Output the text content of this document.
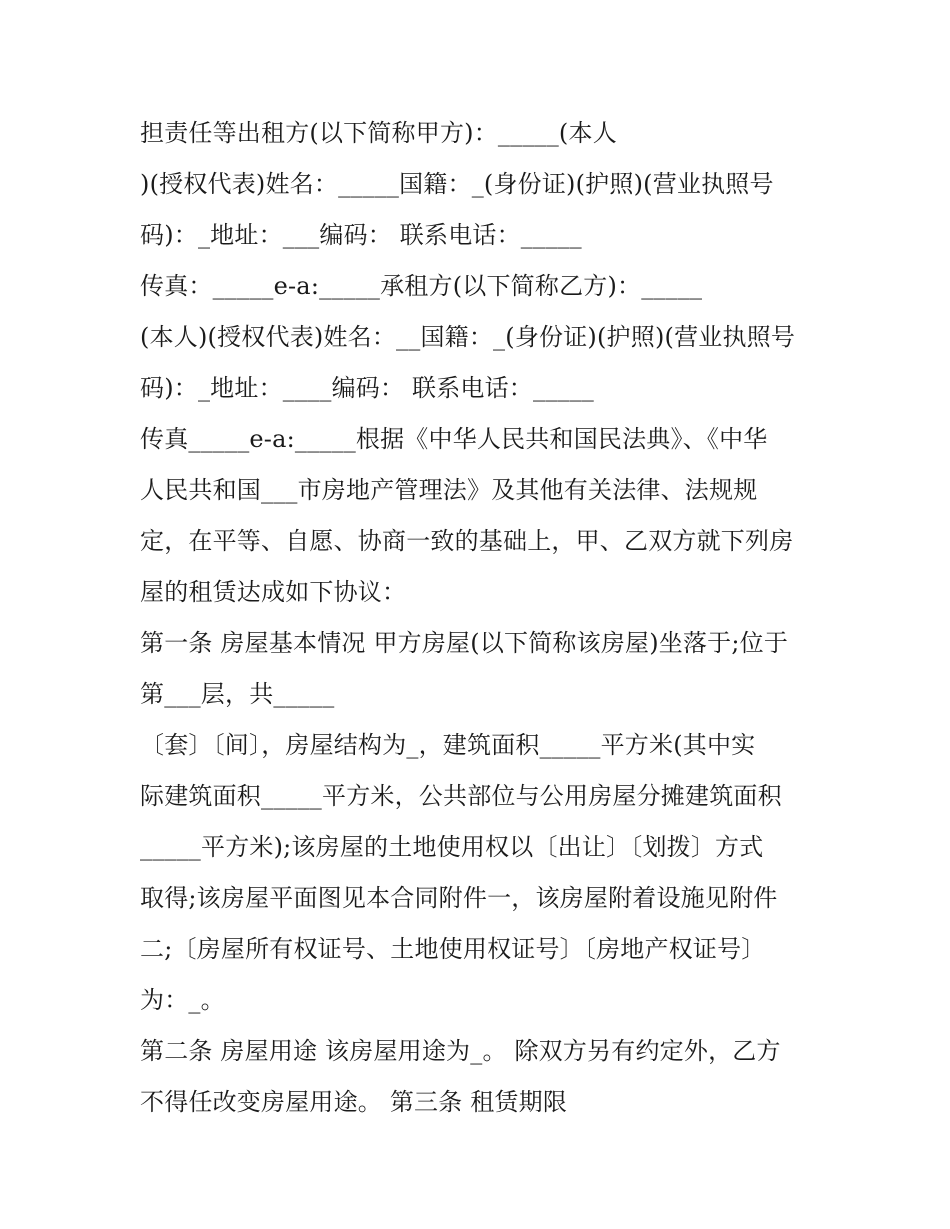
担责任等出租方(以下简称甲方)：_____(本人
)(授权代表)姓名：_____国籍：_(身份证)(护照)(营业执照号
码)：_地址：___编码： 联系电话：_____
传真：_____e-a:_____承租方(以下简称乙方)：_____
(本人)(授权代表)姓名：__国籍：_(身份证)(护照)(营业执照号
码)：_地址：____编码： 联系电话：_____
传真_____e-a:_____根据《中华人民共和国民法典》、《中华
人民共和国___市房地产管理法》及其他有关法律、法规规
定，在平等、自愿、协商一致的基础上，甲、乙双方就下列房
屋的租赁达成如下协议：
第一条 房屋基本情况 甲方房屋(以下简称该房屋)坐落于;位于
第___层，共_____
〔套〕〔间〕，房屋结构为_，建筑面积_____平方米(其中实
际建筑面积_____平方米，公共部位与公用房屋分摊建筑面积
_____平方米);该房屋的土地使用权以〔出让〕〔划拨〕方式
取得;该房屋平面图见本合同附件一，该房屋附着设施见附件
二;〔房屋所有权证号、土地使用权证号〕〔房地产权证号〕
为：_。
第二条 房屋用途 该房屋用途为_。 除双方另有约定外，乙方
不得任改变房屋用途。 第三条 租赁期限
